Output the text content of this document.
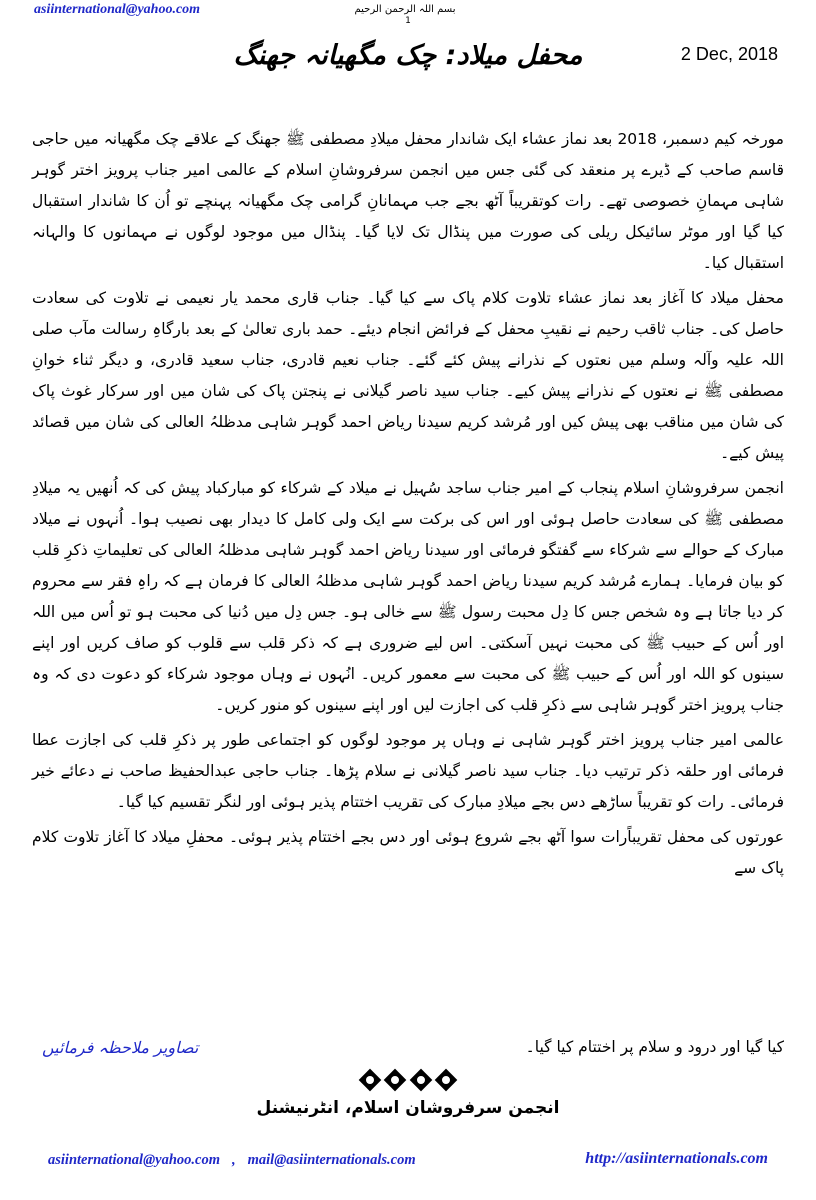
asiinternational@yahoo.com	بسم اللہ الرحمن الرحیم
1
2 Dec, 2018
محفل میلاد: چک مگھیانہ جھنگ

مورخہ کیم دسمبر، 2018 بعد نماز عشاء ایک شاندار محفل میلادِ مصطفی ﷺ جھنگ کے علاقے چک مگھیانہ میں حاجی قاسم صاحب کے ڈیرے پر منعقد کی گئی جس میں انجمن سرفروشانِ اسلام کے عالمی امیر جناب پرویز اختر گوہر شاہی مہمانِ خصوصی تھے۔ رات کوتقریباً آٹھ بجے جب مہمانانِ گرامی چک مگھیانہ پہنچے تو اُن کا شاندار استقبال کیا گیا اور موٹر سائیکل ریلی کی صورت میں پنڈال تک لایا گیا۔ پنڈال میں موجود لوگوں نے مہمانوں کا والہانہ استقبال کیا۔

محفل میلاد کا آغاز بعد نماز عشاء تلاوت کلام پاک سے کیا گیا۔ جناب قاری محمد یار نعیمی نے تلاوت کی سعادت حاصل کی۔ جناب ثاقب رحیم نے نقیبِ محفل کے فرائض انجام دیئے۔ حمد باری تعالیٰ کے بعد بارگاہِ رسالت مآب صلی اللہ علیہ وآلہ وسلم میں نعتوں کے نذرانے پیش کئے گئے۔ جناب نعیم قادری، جناب سعید قادری، و دیگر ثناء خوانِ مصطفی ﷺ نے نعتوں کے نذرانے پیش کیے۔ جناب سید ناصر گیلانی نے پنجتن پاک کی شان میں اور سرکار غوث پاک کی شان میں مناقب بھی پیش کیں اور مُرشد کریم سیدنا ریاض احمد گوہر شاہی مدظلہُ العالی کی شان میں قصائد پیش کیے۔

انجمن سرفروشانِ اسلام پنجاب کے امیر جناب ساجد سُہیل نے میلاد کے شرکاء کو مبارکباد پیش کی کہ اُنھیں یہ میلادِ مصطفی ﷺ کی سعادت حاصل ہوئی اور اس کی برکت سے ایک ولی کامل کا دیدار بھی نصیب ہوا۔ اُنہوں نے میلاد مبارک کے حوالے سے شرکاء سے گفتگو فرمائی اور سیدنا ریاض احمد گوہر شاہی مدظلہُ العالی کی تعلیماتِ ذکرِ قلب کو بیان فرمایا۔ ہمارے مُرشد کریم سیدنا ریاض احمد گوہر شاہی مدظلہُ العالی کا فرمان ہے کہ راہِ فقر سے محروم کر دیا جاتا ہے وہ شخص جس کا دِل محبت رسول ﷺ سے خالی ہو۔ جس دِل میں دُنیا کی محبت ہو تو اُس میں اللہ اور اُس کے حبیب ﷺ کی محبت نہیں آسکتی۔ اس لیے ضروری ہے کہ ذکر قلب سے قلوب کو صاف کریں اور اپنے سینوں کو اللہ اور اُس کے حبیب ﷺ کی محبت سے معمور کریں۔ انُہوں نے وہاں موجود شرکاء کو دعوت دی کہ وہ جناب پرویز اختر گوہر شاہی سے ذکرِ قلب کی اجازت لیں اور اپنے سینوں کو منور کریں۔

عالمی امیر جناب پرویز اختر گوہر شاہی نے وہاں پر موجود لوگوں کو اجتماعی طور پر ذکرِ قلب کی اجازت عطا فرمائی اور حلقہ ذکر ترتیب دیا۔ جناب سید ناصر گیلانی نے سلام پڑھا۔ جناب حاجی عبدالحفیظ صاحب نے دعائے خیر فرمائی۔ رات کو تقریباً ساڑھے دس بجے میلادِ مبارک کی تقریب اختتام پذیر ہوئی اور لنگر تقسیم کیا گیا۔

عورتوں کی محفل تقریباًرات سوا آٹھ بجے شروع ہوئی اور دس بجے اختتام پذیر ہوئی۔ محفلِ میلاد کا آغاز تلاوت کلام پاک سے

کیا گیا اور درود و سلام پر اختتام کیا گیا۔
تصاویر ملاحظہ فرمائیں

انجمن سرفروشان اسلام، انٹرنیشنل
asiinternational@yahoo.com , mail@asiinternationals.com	http://asiinternationals.com
